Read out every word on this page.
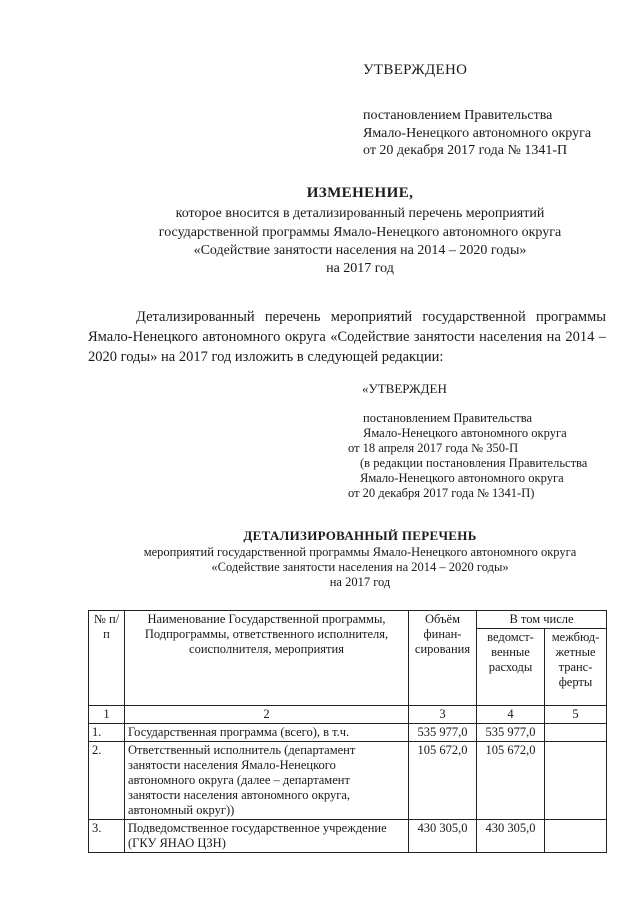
УТВЕРЖДЕНО
постановлением Правительства
Ямало-Ненецкого автономного округа
от 20 декабря 2017 года № 1341-П
ИЗМЕНЕНИЕ,
которое вносится в детализированный перечень мероприятий
государственной программы Ямало-Ненецкого автономного округа
«Содействие занятости населения на 2014 – 2020 годы»
на 2017 год
Детализированный перечень мероприятий государственной программы Ямало-Ненецкого автономного округа «Содействие занятости населения на 2014 – 2020 годы» на 2017 год изложить в следующей редакции:
«УТВЕРЖДЕН
постановлением Правительства
Ямало-Ненецкого автономного округа
от 18 апреля 2017 года № 350-П
(в редакции постановления Правительства
Ямало-Ненецкого автономного округа
от 20 декабря 2017 года № 1341-П)
ДЕТАЛИЗИРОВАННЫЙ ПЕРЕЧЕНЬ
мероприятий государственной программы Ямало-Ненецкого автономного округа
«Содействие занятости населения на 2014 – 2020 годы»
на 2017 год
№ п/п	Наименование Государственной программы, Подпрограммы, ответственного исполнителя, соисполнителя, мероприятия	Объём финан-сирования	В том числе	
			ведомст-венные расходы	межбюд-жетные транс-ферты
1	2	3	4	5
1.	Государственная программа (всего), в т.ч.	535 977,0	535 977,0	
2.	Ответственный исполнитель (департамент занятости населения Ямало-Ненецкого автономного округа (далее – департамент занятости населения автономного округа, автономный округ))	105 672,0	105 672,0	
3.	Подведомственное государственное учреждение (ГКУ ЯНАО ЦЗН)	430 305,0	430 305,0	
